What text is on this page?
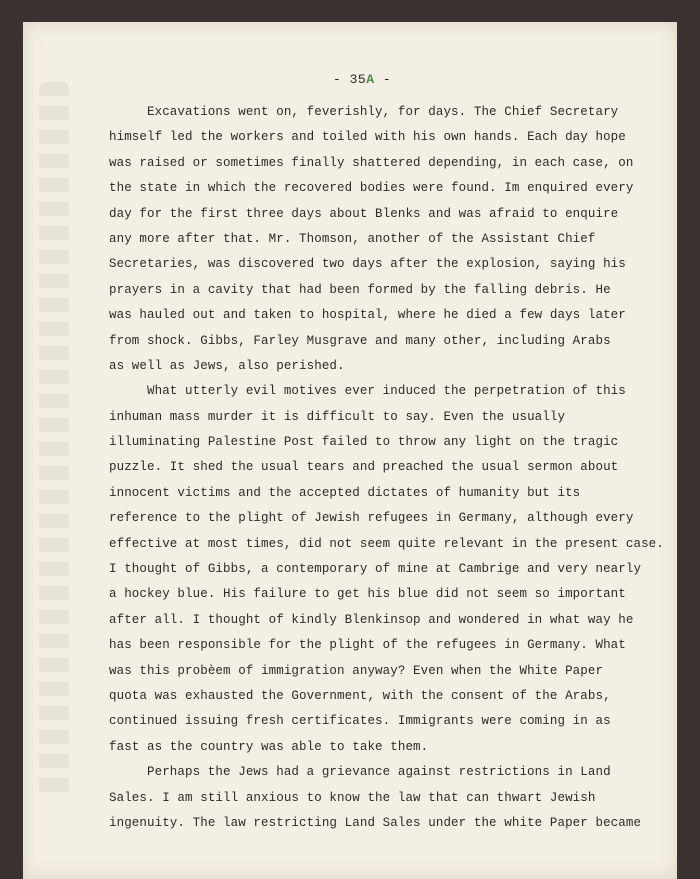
- 35A -
Excavations went on, feverishly, for days. The Chief Secretary
himself led the workers and toiled with his own hands. Each day hope
was raised or sometimes finally shattered depending, in each case, on
the state in which the recovered bodies were found. Im enquired every
day for the first three days about Blenks and was afraid to enquire
any more after that. Mr. Thomson, another of the Assistant Chief
Secretaries, was discovered two days after the explosion, saying his
prayers in a cavity that had been formed by the falling debris. He
was hauled out and taken to hospital, where he died a few days later
from shock. Gibbs, Farley Musgrave and many other, including Arabs
as well as Jews, also perished.
What utterly evil motives ever induced the perpetration of this
inhuman mass murder it is difficult to say. Even the usually
illuminating Palestine Post failed to throw any light on the tragic
puzzle. It shed the usual tears and preached the usual sermon about
innocent victims and the accepted dictates of humanity but its
reference to the plight of Jewish refugees in Germany, although every
effective at most times, did not seem quite relevant in the present case.
I thought of Gibbs, a contemporary of mine at Cambrige and very nearly
a hockey blue. His failure to get his blue did not seem so important
after all. I thought of kindly Blenkinsop and wondered in what way he
has been responsible for the plight of the refugees in Germany. What
was this probèem of immigration anyway? Even when the White Paper
quota was exhausted the Government, with the consent of the Arabs,
continued issuing fresh certificates. Immigrants were coming in as
fast as the country was able to take them.
Perhaps the Jews had a grievance against restrictions in Land
Sales. I am still anxious to know the law that can thwart Jewish
ingenuity. The law restricting Land Sales under the white Paper became
